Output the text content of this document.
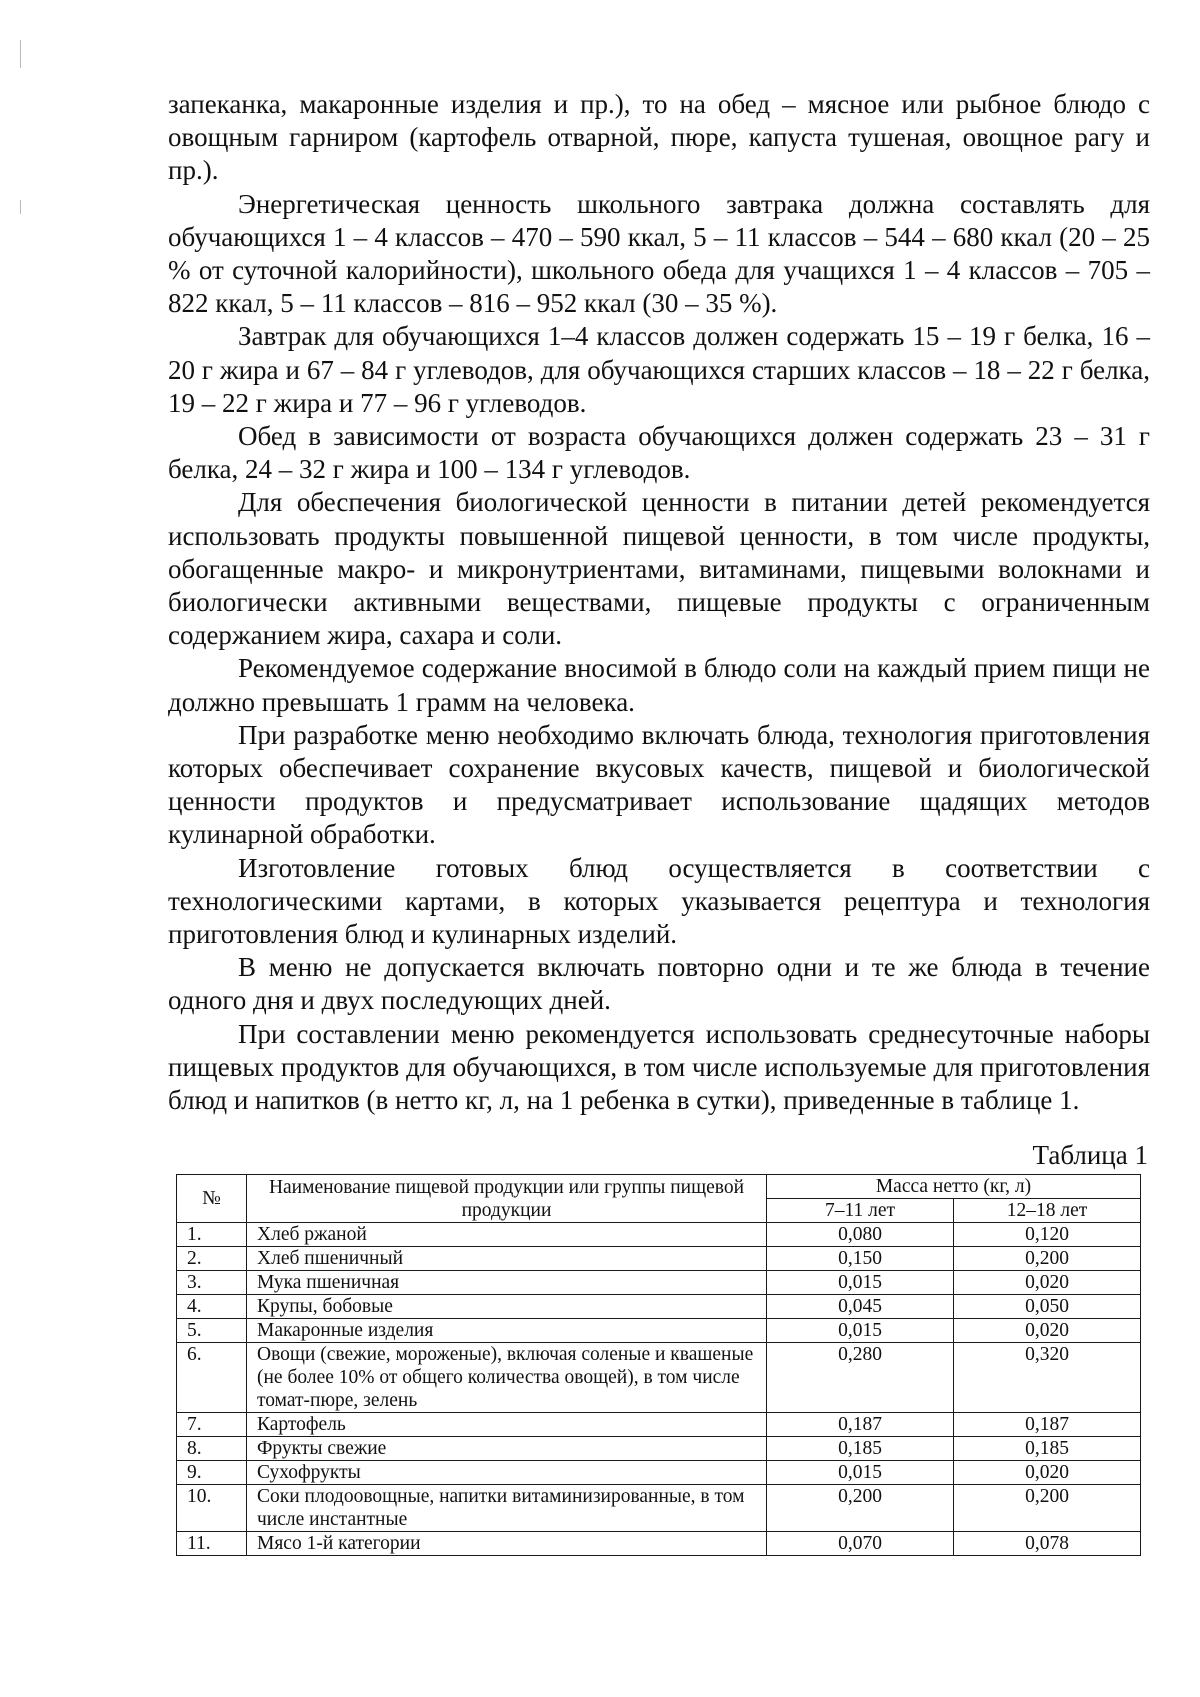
запеканка, макаронные изделия и пр.), то на обед – мясное или рыбное блюдо с овощным гарниром (картофель отварной, пюре, капуста тушеная, овощное рагу и пр.).

Энергетическая ценность школьного завтрака должна составлять для обучающихся 1 – 4 классов – 470 – 590 ккал, 5 – 11 классов – 544 – 680 ккал (20 – 25 % от суточной калорийности), школьного обеда для учащихся 1 – 4 классов – 705 – 822 ккал, 5 – 11 классов – 816 – 952 ккал (30 – 35 %).

Завтрак для обучающихся 1–4 классов должен содержать 15 – 19 г белка, 16 – 20 г жира и 67 – 84 г углеводов, для обучающихся старших классов – 18 – 22 г белка, 19 – 22 г жира и 77 – 96 г углеводов.

Обед в зависимости от возраста обучающихся должен содержать 23 – 31 г белка, 24 – 32 г жира и 100 – 134 г углеводов.

Для обеспечения биологической ценности в питании детей рекомендуется использовать продукты повышенной пищевой ценности, в том числе продукты, обогащенные макро- и микронутриентами, витаминами, пищевыми волокнами и биологически активными веществами, пищевые продукты с ограниченным содержанием жира, сахара и соли.

Рекомендуемое содержание вносимой в блюдо соли на каждый прием пищи не должно превышать 1 грамм на человека.

При разработке меню необходимо включать блюда, технология приготовления которых обеспечивает сохранение вкусовых качеств, пищевой и биологической ценности продуктов и предусматривает использование щадящих методов кулинарной обработки.

Изготовление готовых блюд осуществляется в соответствии с технологическими картами, в которых указывается рецептура и технология приготовления блюд и кулинарных изделий.

В меню не допускается включать повторно одни и те же блюда в течение одного дня и двух последующих дней.

При составлении меню рекомендуется использовать среднесуточные наборы пищевых продуктов для обучающихся, в том числе используемые для приготовления блюд и напитков (в нетто кг, л, на 1 ребенка в сутки), приведенные в таблице 1.

Таблица 1
№	Наименование пищевой продукции или группы пищевой продукции	Масса нетто (кг, л)	
		7–11 лет	12–18 лет
1.	Хлеб ржаной	0,080	0,120
2.	Хлеб пшеничный	0,150	0,200
3.	Мука пшеничная	0,015	0,020
4.	Крупы, бобовые	0,045	0,050
5.	Макаронные изделия	0,015	0,020
6.	Овощи (свежие, мороженые), включая соленые и квашеные (не более 10% от общего количества овощей), в том числе томат-пюре, зелень	0,280	0,320
7.	Картофель	0,187	0,187
8.	Фрукты свежие	0,185	0,185
9.	Сухофрукты	0,015	0,020
10.	Соки плодоовощные, напитки витаминизированные, в том числе инстантные	0,200	0,200
11.	Мясо 1-й категории	0,070	0,078
